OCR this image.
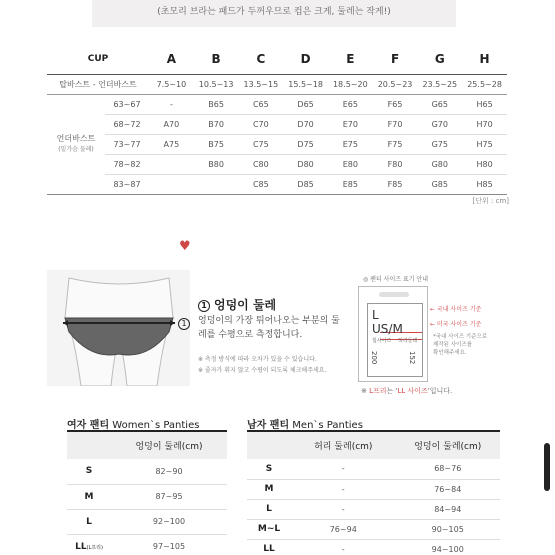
(초모리 브라는 패드가 두꺼우므로 컵은 크게, 둘레는 작게!)
CUP		A	B	C	D	E	F	G	H
탑바스트 - 언더바스트		7.5~10	10.5~13	13.5~15	15.5~18	18.5~20	20.5~23	23.5~25	25.5~28
언더바스트
(밑가슴 둘레)	63~67	-	B65	C65	D65	E65	F65	G65	H65
	68~72	A70	B70	C70	D70	E70	F70	G70	H70
	73~77	A75	B75	C75	D75	E75	F75	G75	H75
	78~82		B80	C80	D80	E80	F80	G80	H80
	83~87			C85	D85	E85	F85	G85	H85
[단위 : cm]
♥
1
1 엉덩이 둘레
엉덩이의 가장 튀어나오는 부분의 둘레를 수평으로 측정합니다.
※ 측정 방식에 따라 오차가 있을 수 있습니다.
※ 줄자가 휘지 않고 수평이 되도록 체크해주세요.
◎ 팬티 사이즈 표기 안내
L
US/M
힙사이즈 허리둘레
200	152
← 국내 사이즈 기준
← 미국 사이즈 기준
*국내 사이즈 기준으로
제작된 사이즈를
확인해주세요.
※ L프리는 'LL 사이즈'입니다.
여자 팬티 Women`s Panties
	엉덩이 둘레(cm)
S	82~90
M	87~95
L	92~100
LL(L프리)	97~105
남자 팬티 Men`s Panties
	허리 둘레(cm)	엉덩이 둘레(cm)
S	-	68~76
M	-	76~84
L	-	84~94
M~L	76~94	90~105
LL	-	94~100
